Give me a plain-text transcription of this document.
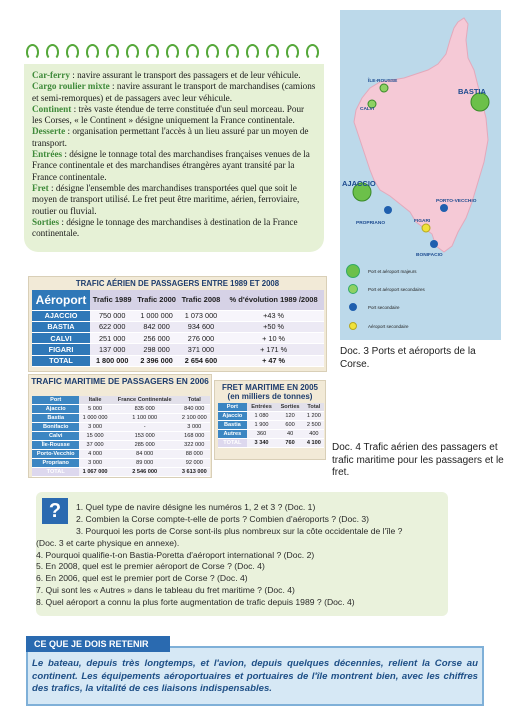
Car-ferry : navire assurant le transport des passagers et de leur véhicule.
Cargo roulier mixte : navire assurant le transport de marchandises (camions et semi-remorques) et de passagers avec leur véhicule.
Continent : très vaste étendue de terre constituée d'un seul morceau. Pour les Corses, « le Continent » désigne uniquement la France continentale.
Desserte : organisation permettant l'accès à un lieu assuré par un moyen de transport.
Entrées : désigne le tonnage total des marchandises françaises venues de la France continentale et des marchandises étrangères ayant transité par la France continentale.
Fret : désigne l'ensemble des marchandises transportées quel que soit le moyen de transport utilisé. Le fret peut être maritime, aérien, ferroviaire, routier ou fluvial.
Sorties : désigne le tonnage des marchandises à destination de la France continentale.
BASTIA
ÎLE-ROUSSE
CALVI
AJACCIO
PROPRIANO	FIGARI
PORTO-VECCHIO
BONIFACIO
Port et aéroport majeurs
Port et aéroport secondaires
Port secondaire
Aéroport secondaire
Doc. 3 Ports et aéroports de la Corse.
TRAFIC AÉRIEN DE PASSAGERS ENTRE 1989 ET 2008
Aéroport	Trafic 1989	Trafic 2000	Trafic 2008	% d'évolution 1989 /2008
AJACCIO	750 000	1 000 000	1 073 000	+43 %
BASTIA	622 000	842 000	934 600	+50 %
CALVI	251 000	256 000	276 000	+ 10 %
FIGARI	137 000	298 000	371 000	+ 171 %
TOTAL	1 800 000	2 396 000	2 654 600	+ 47 %
TRAFIC MARITIME DE PASSAGERS EN 2006
Port	Italie	France Continentale	Total
Ajaccio	5 000	835 000	840 000
Bastia	1 000 000	1 100 000	2 100 000
Bonifacio	3 000	-	3 000
Calvi	15 000	153 000	168 000
Île-Rousse	37 000	285 000	322 000
Porto-Vecchio	4 000	84 000	88 000
Propriano	3 000	89 000	92 000
TOTAL	1 067 000	2 546 000	3 613 000
FRET MARITIME EN 2005 (en milliers de tonnes)
Port	Entrées	Sorties	Total
Ajaccio	1 080	120	1 200
Bastia	1 900	600	2 500
Autres	360	40	400
TOTAL	3 340	760	4 100 Doc. 4 Trafic aérien des passagers et trafic maritime pour les passagers et le fret.
?	1. Quel type de navire désigne les numéros 1, 2 et 3 ? (Doc. 1)
2. Combien la Corse compte-t-elle de ports ? Combien d'aéroports ? (Doc. 3)
3. Pourquoi les ports de Corse sont-ils plus nombreux sur la côte occidentale de l'île ?
(Doc. 3 et carte physique en annexe).
4. Pourquoi qualifie-t-on Bastia-Poretta d'aéroport international ? (Doc. 2)
5. En 2008, quel est le premier aéroport de Corse ? (Doc. 4)
6. En 2006, quel est le premier port de Corse ? (Doc. 4)
7. Qui sont les « Autres » dans le tableau du fret maritime ? (Doc. 4)
8. Quel aéroport a connu la plus forte augmentation de trafic depuis 1989 ? (Doc. 4)
CE QUE JE DOIS RETENIR
Le bateau, depuis très longtemps, et l'avion, depuis quelques décennies, relient la Corse au continent. Les équipements aéroportuaires et portuaires de l'île montrent bien, avec les chiffres des trafics, la vitalité de ces liaisons indispensables.
